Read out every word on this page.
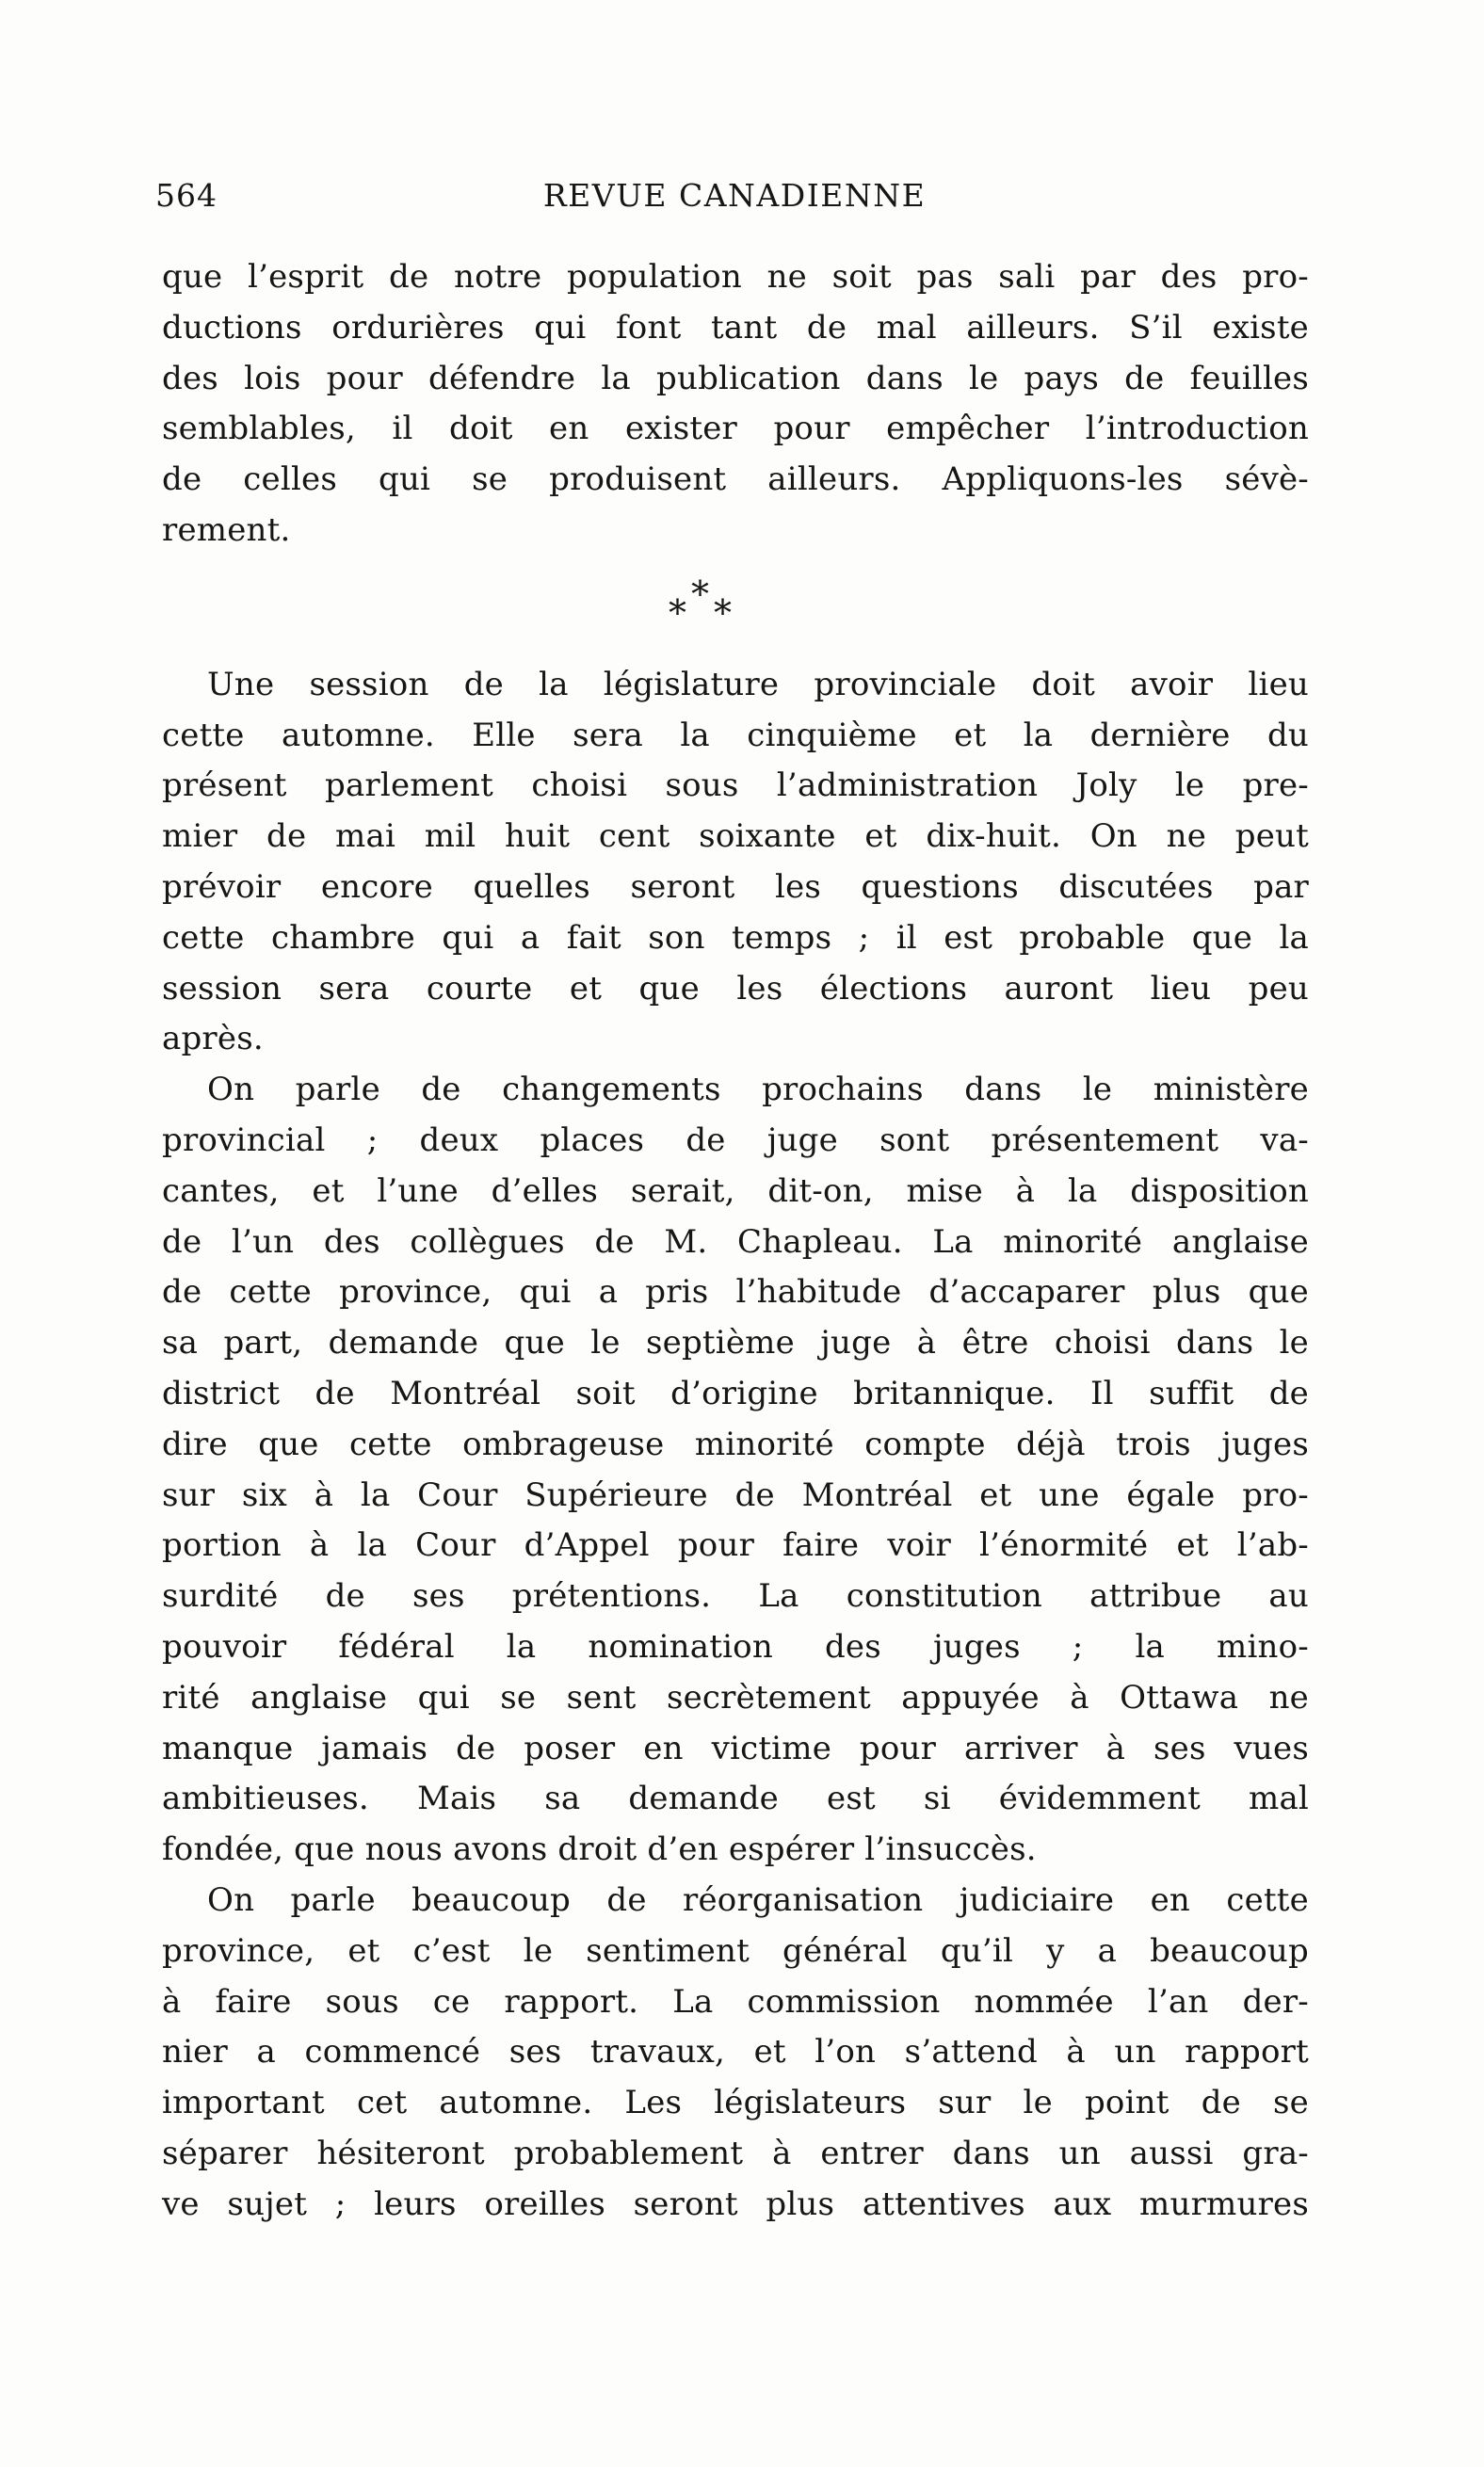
564	REVUE CANADIENNE
que l’esprit de notre population ne soit pas sali par des pro-
ductions ordurières qui font tant de mal ailleurs. S’il existe
des lois pour défendre la publication dans le pays de feuilles
semblables, il doit en exister pour empêcher l’introduction
de celles qui se produisent ailleurs. Appliquons-les sévè-
rement.
* * *
Une session de la législature provinciale doit avoir lieu
cette automne. Elle sera la cinquième et la dernière du
présent parlement choisi sous l’administration Joly le pre-
mier de mai mil huit cent soixante et dix-huit. On ne peut
prévoir encore quelles seront les questions discutées par
cette chambre qui a fait son temps ; il est probable que la
session sera courte et que les élections auront lieu peu
après.
On parle de changements prochains dans le ministère
provincial ; deux places de juge sont présentement va-
cantes, et l’une d’elles serait, dit-on, mise à la disposition
de l’un des collègues de M. Chapleau. La minorité anglaise
de cette province, qui a pris l’habitude d’accaparer plus que
sa part, demande que le septième juge à être choisi dans le
district de Montréal soit d’origine britannique. Il suffit de
dire que cette ombrageuse minorité compte déjà trois juges
sur six à la Cour Supérieure de Montréal et une égale pro-
portion à la Cour d’Appel pour faire voir l’énormité et l’ab-
surdité de ses prétentions. La constitution attribue au
pouvoir fédéral la nomination des juges ; la mino-
rité anglaise qui se sent secrètement appuyée à Ottawa ne
manque jamais de poser en victime pour arriver à ses vues
ambitieuses. Mais sa demande est si évidemment mal
fondée, que nous avons droit d’en espérer l’insuccès.
On parle beaucoup de réorganisation judiciaire en cette
province, et c’est le sentiment général qu’il y a beaucoup
à faire sous ce rapport. La commission nommée l’an der-
nier a commencé ses travaux, et l’on s’attend à un rapport
important cet automne. Les législateurs sur le point de se
séparer hésiteront probablement à entrer dans un aussi gra-
ve sujet ; leurs oreilles seront plus attentives aux murmures
